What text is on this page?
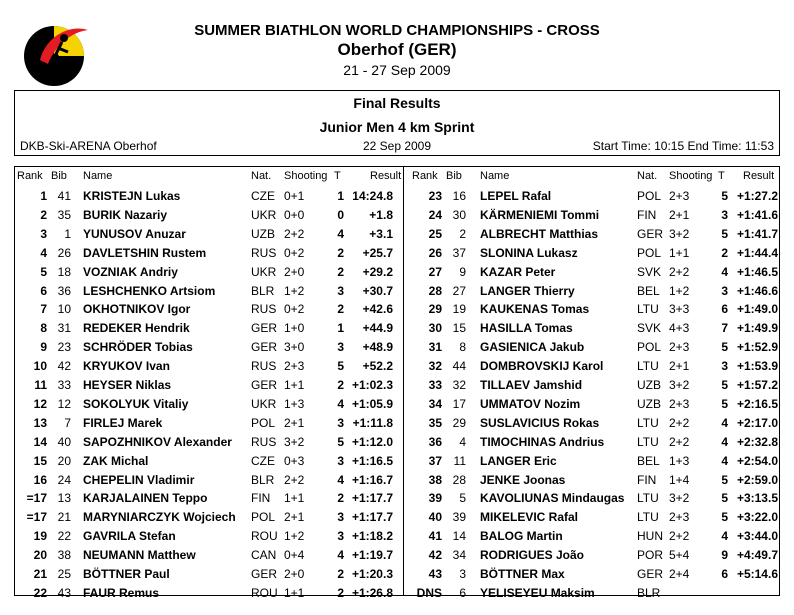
SUMMER BIATHLON WORLD CHAMPIONSHIPS - CROSS
Oberhof (GER)
21 - 27 Sep 2009
Final Results
Junior Men 4 km Sprint
DKB-Ski-ARENA Oberhof	22 Sep 2009	Start Time: 10:15 End Time: 11:53
Rank Bib Name	Nat. Shooting T	Result
1 41 KRISTEJN Lukas	CZE 0+1	1 14:24.8
2 35 BURIK Nazariy	UKR 0+0	0	+1.8
3	1 YUNUSOV Anuzar	UZB 2+2	4	+3.1
4 26 DAVLETSHIN Rustem	RUS 0+2	2	+25.7
5 18 VOZNIAK Andriy	UKR 2+0	2	+29.2
6 36 LESHCHENKO Artsiom	BLR 1+2	3	+30.7
7 10 OKHOTNIKOV Igor	RUS 0+2	2	+42.6
8 31 REDEKER Hendrik	GER 1+0	1	+44.9
9 23 SCHRÖDER Tobias	GER 3+0	3	+48.9
10 42 KRYUKOV Ivan	RUS 2+3	5	+52.2
11 33 HEYSER Niklas	GER 1+1	2 +1:02.3
12 12 SOKOLYUK Vitaliy	UKR 1+3	4 +1:05.9
13	7 FIRLEJ Marek	POL 2+1	3 +1:11.8
14 40 SAPOZHNIKOV Alexander RUS 3+2	5 +1:12.0
15 20 ZAK Michal	CZE 0+3	3 +1:16.5
16 24 CHEPELIN Vladimir	BLR 2+2	4 +1:16.7
=17 13 KARJALAINEN Teppo	FIN 1+1	2 +1:17.7
=17 21 MARYNIARCZYK Wojciech POL 2+1	3 +1:17.7
19 22 GAVRILA Stefan	ROU 1+2	3 +1:18.2
20 38 NEUMANN Matthew	CAN 0+4	4 +1:19.7
21 25 BÖTTNER Paul	GER 2+0	2 +1:20.3
22 43 FAUR Remus	ROU 1+1	2 +1:26.8
Rank Bib Name	Nat. Shooting T Result
23 16 LEPEL Rafal	POL 2+3	5 +1:27.2
24 30 KÄRMENIEMI Tommi	FIN 2+1	3 +1:41.6
25	2 ALBRECHT Matthias	GER 3+2	5 +1:41.7
26 37 SLONINA Lukasz	POL 1+1	2 +1:44.4
27	9 KAZAR Peter	SVK 2+2	4 +1:46.5
28 27 LANGER Thierry	BEL 1+2	3 +1:46.6
29 19 KAUKENAS Tomas	LTU 3+3	6 +1:49.0
30 15 HASILLA Tomas	SVK 4+3	7 +1:49.9
31	8 GASIENICA Jakub	POL 2+3	5 +1:52.9
32 44 DOMBROVSKIJ Karol	LTU 2+1	3 +1:53.9
33 32 TILLAEV Jamshid	UZB 3+2	5 +1:57.2
34 17 UMMATOV Nozim	UZB 2+3	5 +2:16.5
35 29 SUSLAVICIUS Rokas	LTU 2+2	4 +2:17.0
36	4 TIMOCHINAS Andrius	LTU 2+2	4 +2:32.8
37 11 LANGER Eric	BEL 1+3	4 +2:54.0
38 28 JENKE Joonas	FIN 1+4	5 +2:59.0
39	5 KAVOLIUNAS Mindaugas LTU 3+2	5 +3:13.5
40 39 MIKELEVIC Rafal	LTU 2+3	5 +3:22.0
41 14 BALOG Martin	HUN 2+2	4 +3:44.0
42 34 RODRIGUES João	POR 5+4	9 +4:49.7
43	3 BÖTTNER Max	GER 2+4	6 +5:14.6
DNS	6 YELISEYEU Maksim	BLR
